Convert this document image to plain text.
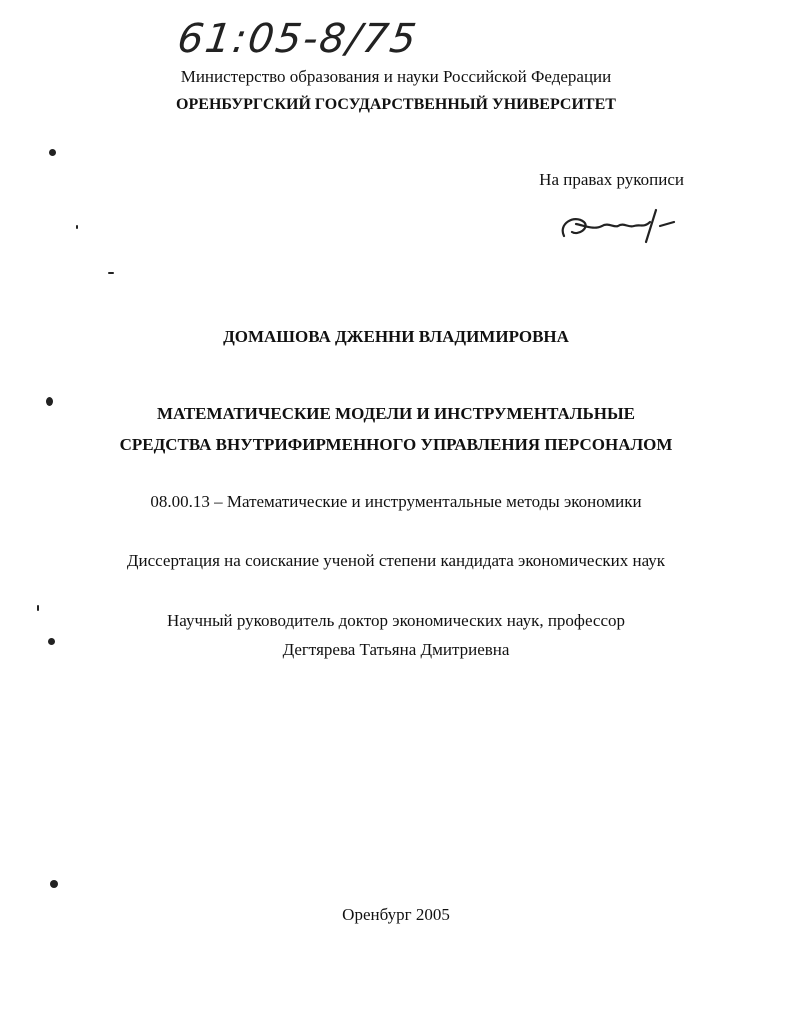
61:05-8/75
Министерство образования и науки Российской Федерации
ОРЕНБУРГСКИЙ ГОСУДАРСТВЕННЫЙ УНИВЕРСИТЕТ
На правах рукописи
ДОМАШОВА ДЖЕННИ ВЛАДИМИРОВНА
МАТЕМАТИЧЕСКИЕ МОДЕЛИ И ИНСТРУМЕНТАЛЬНЫЕ
СРЕДСТВА ВНУТРИФИРМЕННОГО УПРАВЛЕНИЯ ПЕРСОНАЛОМ
08.00.13 – Математические и инструментальные методы экономики
Диссертация на соискание ученой степени кандидата экономических наук
Научный руководитель доктор экономических наук, профессор
Дегтярева Татьяна Дмитриевна
Оренбург 2005
